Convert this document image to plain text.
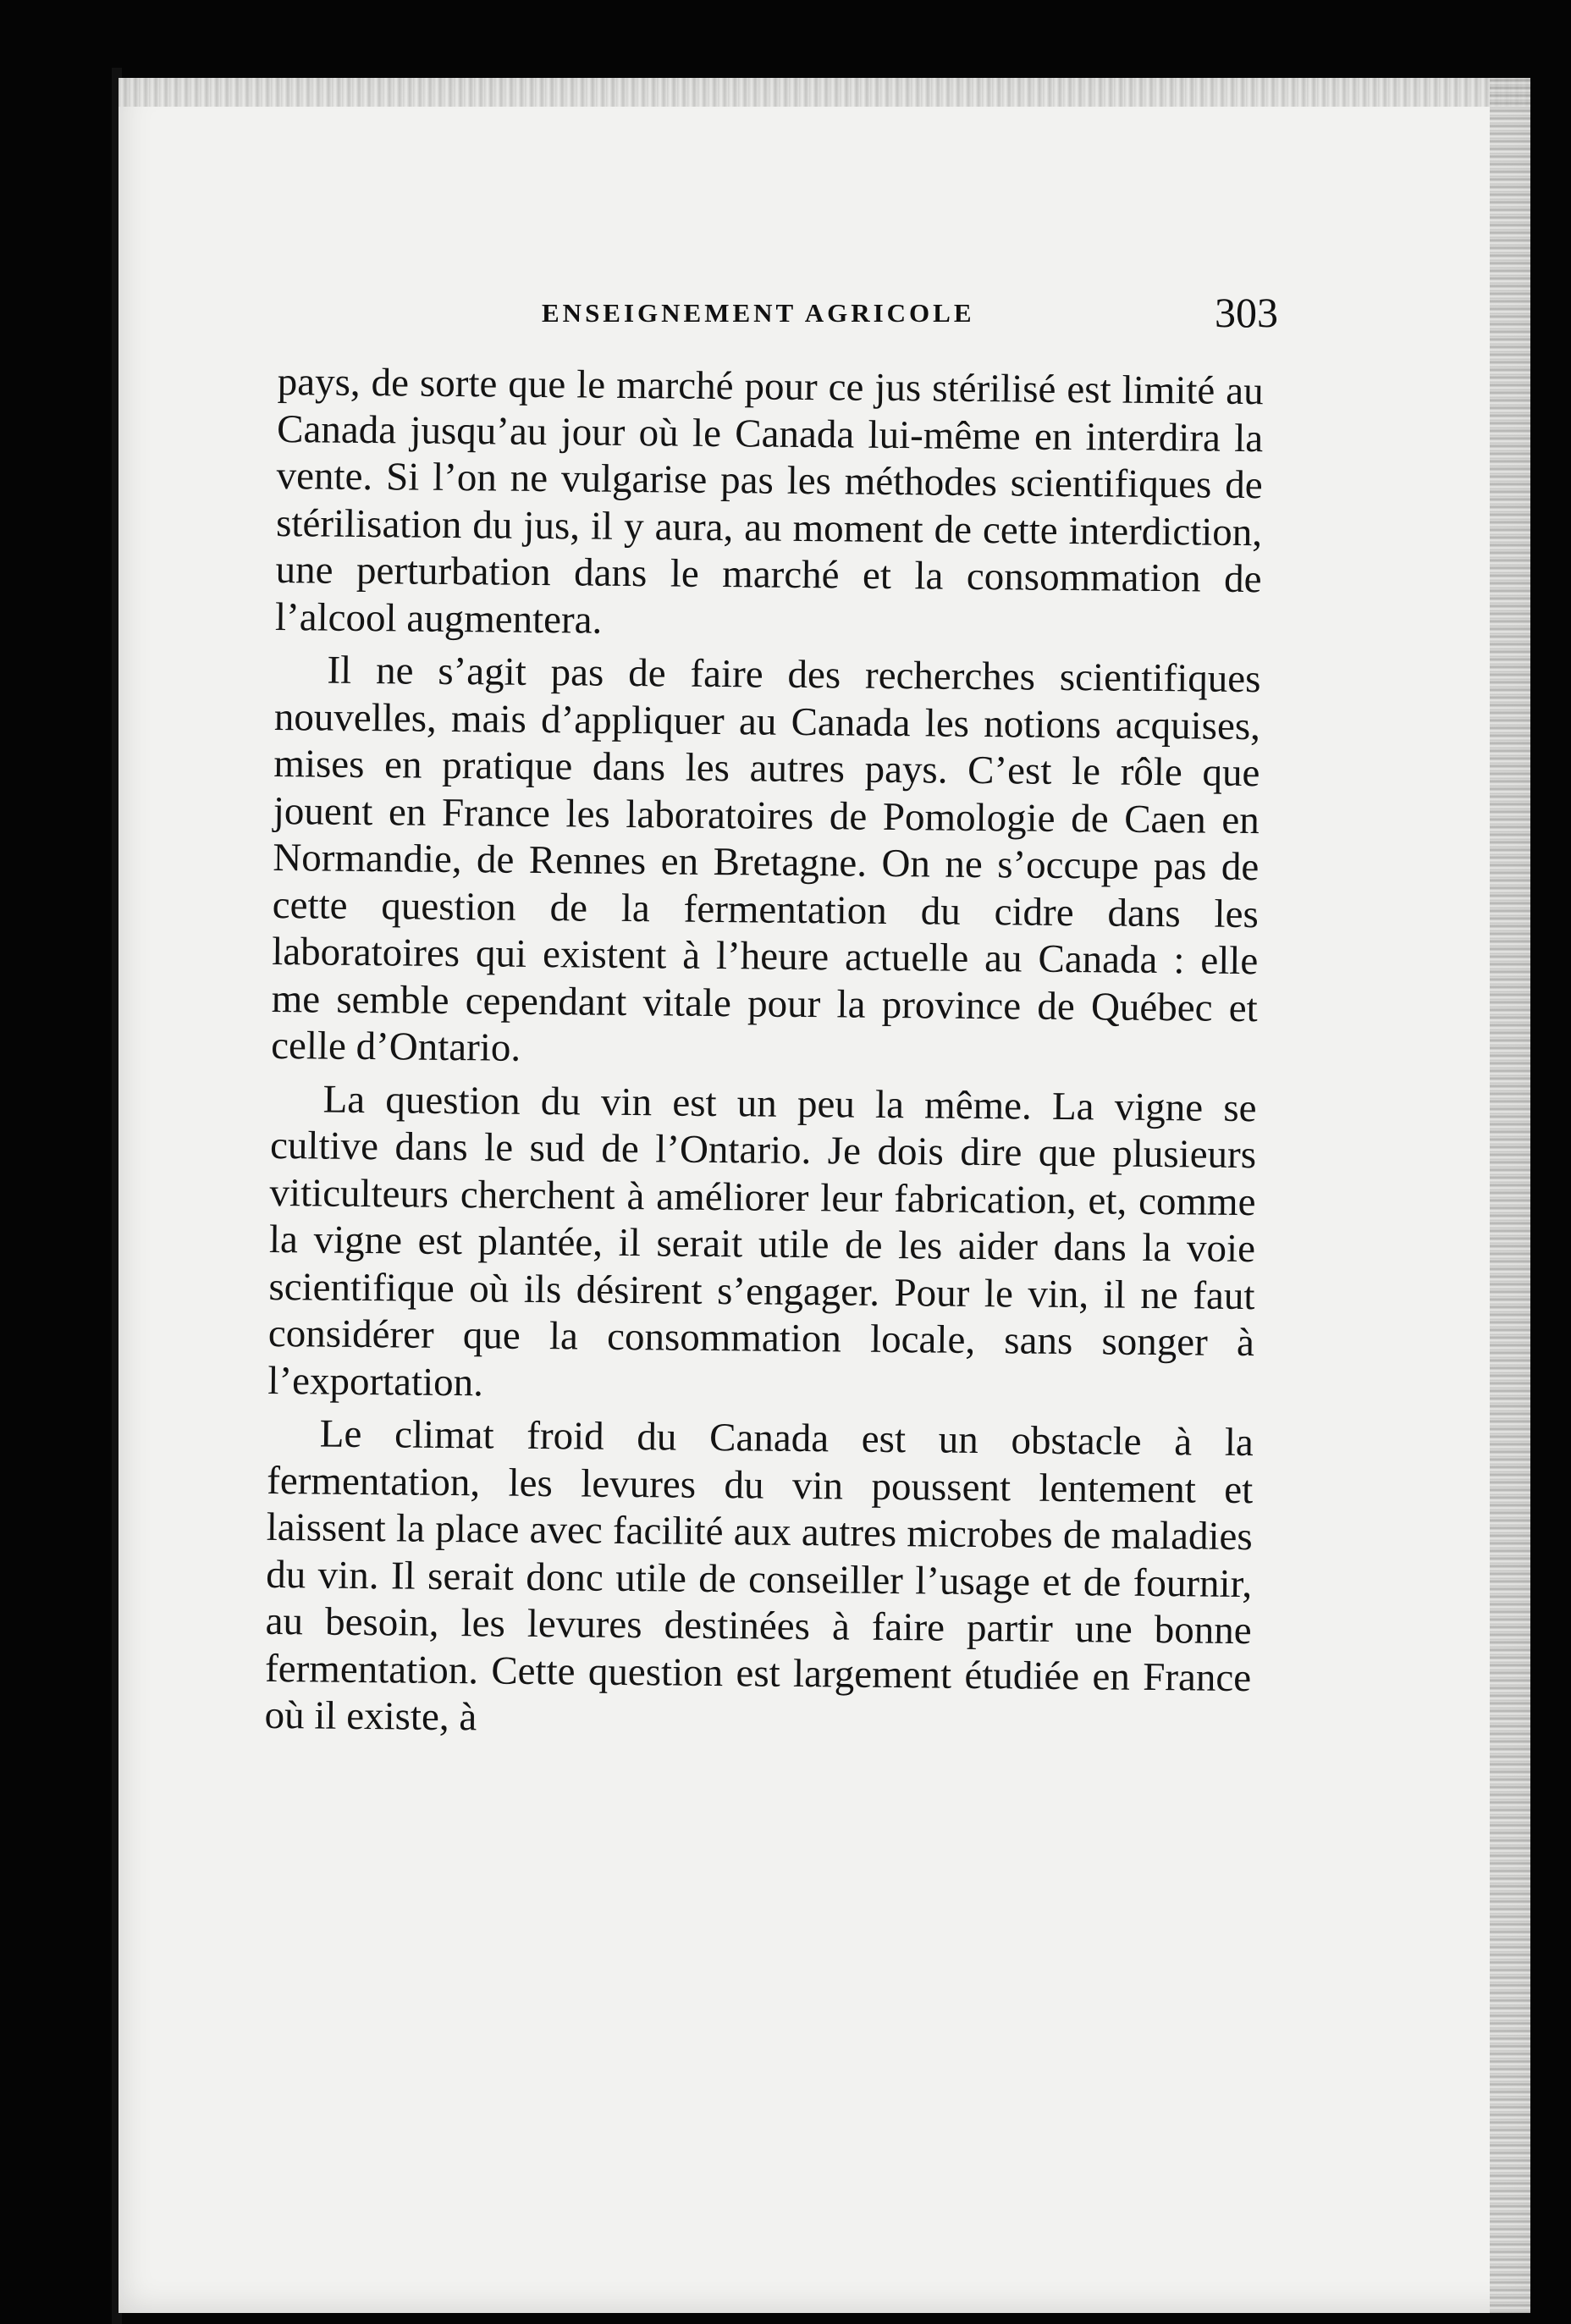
ENSEIGNEMENT AGRICOLE	303

pays, de sorte que le marché pour ce jus stérilisé est limité au Canada jusqu’au jour où le Canada lui-même en interdira la vente. Si l’on ne vulgarise pas les méthodes scientifiques de stérilisation du jus, il y aura, au moment de cette interdiction, une perturbation dans le marché et la consommation de l’alcool augmentera.

Il ne s’agit pas de faire des recherches scientifiques nouvelles, mais d’appliquer au Canada les notions acquises, mises en pratique dans les autres pays. C’est le rôle que jouent en France les laboratoires de Pomologie de Caen en Normandie, de Rennes en Bretagne. On ne s’occupe pas de cette question de la fermentation du cidre dans les laboratoires qui existent à l’heure actuelle au Canada : elle me semble cependant vitale pour la province de Québec et celle d’Ontario.

La question du vin est un peu la même. La vigne se cultive dans le sud de l’Ontario. Je dois dire que plusieurs viticulteurs cherchent à améliorer leur fabrication, et, comme la vigne est plantée, il serait utile de les aider dans la voie scientifique où ils désirent s’engager. Pour le vin, il ne faut considérer que la consommation locale, sans songer à l’exportation.

Le climat froid du Canada est un obstacle à la fermentation, les levures du vin poussent lentement et laissent la place avec facilité aux autres microbes de maladies du vin. Il serait donc utile de conseiller l’usage et de fournir, au besoin, les levures destinées à faire partir une bonne fermentation. Cette question est largement étudiée en France où il existe, à
